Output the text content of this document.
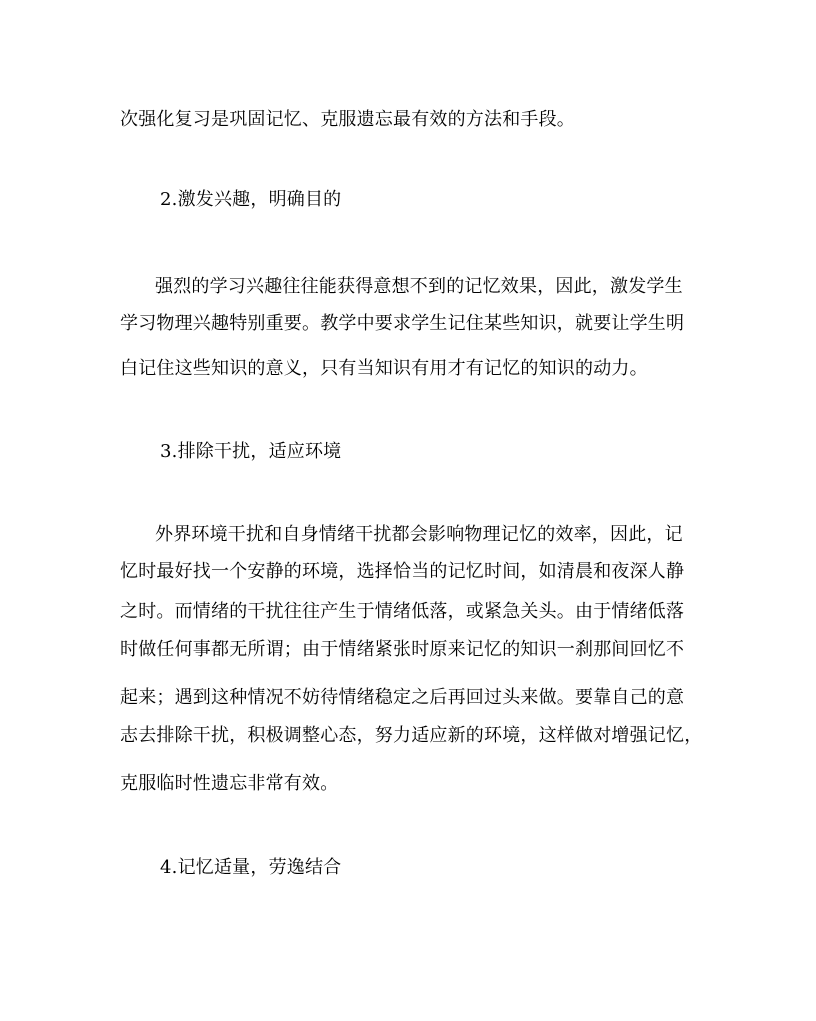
次强化复习是巩固记忆、克服遗忘最有效的方法和手段。
2.激发兴趣，明确目的
强烈的学习兴趣往往能获得意想不到的记忆效果，因此，激发学生
学习物理兴趣特别重要。教学中要求学生记住某些知识，就要让学生明
白记住这些知识的意义，只有当知识有用才有记忆的知识的动力。
3.排除干扰，适应环境
外界环境干扰和自身情绪干扰都会影响物理记忆的效率，因此，记
忆时最好找一个安静的环境，选择恰当的记忆时间，如清晨和夜深人静
之时。而情绪的干扰往往产生于情绪低落，或紧急关头。由于情绪低落
时做任何事都无所谓；由于情绪紧张时原来记忆的知识一刹那间回忆不
起来；遇到这种情况不妨待情绪稳定之后再回过头来做。要靠自己的意
志去排除干扰，积极调整心态，努力适应新的环境，这样做对增强记忆，
克服临时性遗忘非常有效。
4.记忆适量，劳逸结合
